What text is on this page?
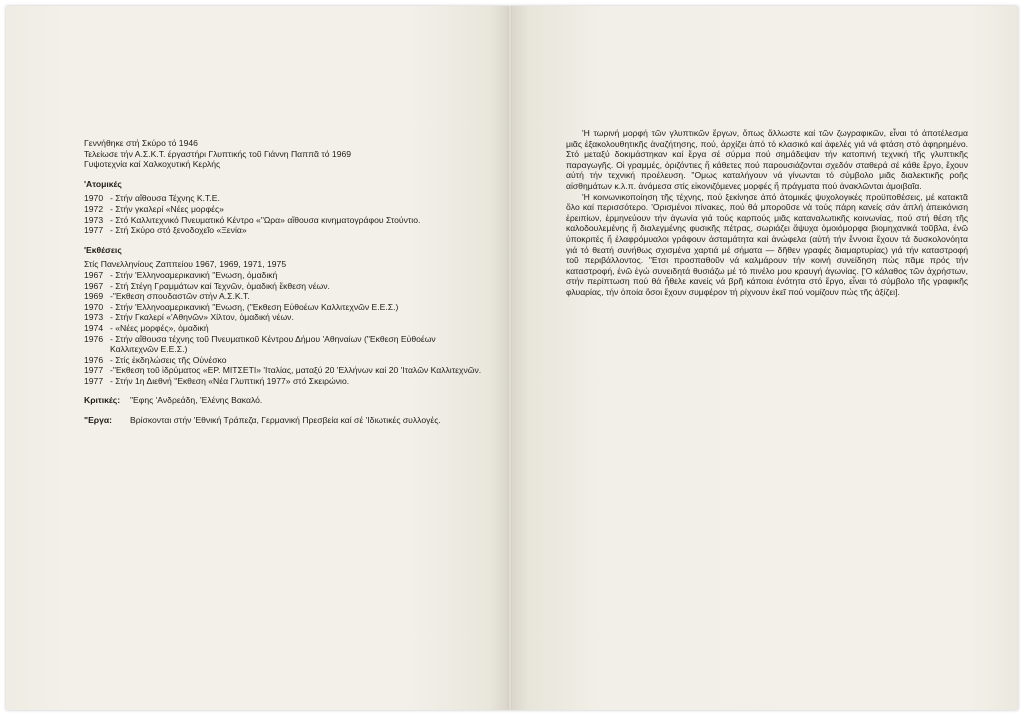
Γεννήθηκε στή Σκύρο τό 1946
Τελείωσε τήν Α.Σ.Κ.Τ. έργαστήρι Γλυπτικής τοῦ Γιάννη Παππᾶ τό 1969
Γυψοτεχνία καί Χαλκοχυτική Κερλής
'Ατομικές
1970 - Στήν αἴθουσα Τέχνης Κ.Τ.Ε.
1972 - Στήν γκαλερί «Νέες μορφές»
1973 - Στό Καλλιτεχνικό Πνευματικό Κέντρο «"Ωρα» αἴθουσα κινηματογράφου Στούντιο.
1977 - Στή Σκύρο στό ξενοδοχεῖο «Ξενία»
'Εκθέσεις
Στίς Πανελληνίους Ζαππείου 1967, 1969, 1971, 1975
1967 - Στήν 'Ελληνοαμερικανική "Ενωση, ὁμαδική
1967 - Στή Στέγη Γραμμάτων καί Τεχνῶν, ὁμαδική ἔκθεση νέων.
1969 -"Εκθεση σπουδαστῶν στήν Α.Σ.Κ.Τ.
1970 - Στήν 'Ελληνοαμερικανική "Ενωση, ("Εκθεση Εὐθοέων Καλλιτεχνῶν Ε.Ε.Σ.)
1973 - Στήν Γκαλερί «'Αθηνῶν» Χίλτον, ὁμαδική νέων.
1974 - «Νέες μορφές», ὁμαδική
1976 - Στήν αἴθουσα τέχνης τοῦ Πνευματικοῦ Κέντρου Δήμου 'Αθηναίων ("Εκθεση Εὐθοέων Καλλιτεχνῶν Ε.Ε.Σ.)
1976 - Στίς ἐκδηλώσεις τῆς Οὐνέσκο
1977 -"Εκθεση τοῦ ἱδρύματος «ΕΡ. ΜΙΤΣΕΤΙ» 'Ιταλίας, ματαξύ 20 'Ελλήνων καί 20 'Ιταλῶν Καλλιτεχνῶν.
1977 - Στήν 1η Διεθνή "Εκθεση «Νέα Γλυπτική 1977» στό Σκειρώνιο.
Κριτικές:	"Εφης 'Ανδρεάδη, 'Ελένης Βακαλό.
"Εργα:	Βρίσκονται στήν 'Εθνική Τράπεζα, Γερμανική Πρεσβεία καί σέ 'Ιδιωτικές συλλογές.

'Η τωρινή μορφή τῶν γλυπτικῶν ἔργων, ὅπως ἄλλωστε καί τῶν ζωγραφικῶν, εἶναι τό ἀποτέλεσμα μιᾶς ἐξακολουθητικῆς ἀναζήτησης, πού, ἀρχίζει ἀπό τό κλασικό καί ἀφελές γιά νά φτάση στό ἀφηρημένο. Στό μεταξύ δοκιμάστηκαν καί ἔργα σέ σύρμα πού σημάδεψαν τήν κατοπινή τεχνική τῆς γλυπτικῆς παραγωγῆς. Οἱ γραμμές, ὁριζόντιες ἤ κάθετες πού παρουσιάζονται σχεδόν σταθερά σέ κάθε ἔργο, ἔχουν αὐτή τήν τεχνική προέλευση. "Ομως καταλήγουν νά γίνωνται τό σύμβολο μιᾶς διαλεκτικῆς ροῆς αἰσθημάτων κ.λ.π. ἀνάμεσα στίς εἰκονιζόμενες μορφές ἤ πράγματα πού ἀνακλῶνται ἀμοιβαῖα.

'Η κοινωνικοποίηση τῆς τέχνης, πού ξεκίνησε ἀπό ἀτομικές ψυχολογικές προϋποθέσεις, μέ κατακτᾶ ὅλο καί περισσότερο. 'Ορισμένοι πίνακες, πού θά μποροῦσε νά τούς πάρη κανείς σάν ἁπλή ἀπεικόνιση ἐρειπίων, ἑρμηνεύουν τήν ἀγωνία γιά τούς καρπούς μιᾶς καταναλωτικῆς κοινωνίας, πού στή θέση τῆς καλοδουλεμένης ἤ διαλεγμένης φυσικῆς πέτρας, σωριάζει ἄψυχα ὁμοιόμορφα βιομηχανικά τοῦβλα, ἐνῶ ὑποκριτές ἤ ἐλαφρόμυαλοι γράφουν ἀσταμάτητα καί ἀνώφελα (αὐτή τήν ἔννοια ἔχουν τά δυσκολονόητα γιά τό θεατή συνήθως σχισμένα χαρτιά μέ σήματα — δῆθεν γραφές διαμαρτυρίας) γιά τήν καταστροφή τοῦ περιβάλλοντος. "Ετσι προσπαθοῦν νά καλμάρουν τήν κοινή συνείδηση πώς πᾶμε πρός τήν καταστροφή, ἐνῶ ἐγώ συνειδητά θυσιάζω μέ τό πινέλο μου κραυγή ἀγωνίας. ['Ο κάλαθος τῶν ἀχρήστων, στήν περίπτωση πού θά ἤθελε κανείς νά βρῆ κάποια ἑνότητα στό ἔργο, εἶναι τό σύμβολο τῆς γραφικῆς φλυαρίας, τήν ὁποία ὅσοι ἔχουν συμφέρον τή ρίχνουν ἐκεῖ πού νομίζουν πώς τῆς ἀξίζει].
